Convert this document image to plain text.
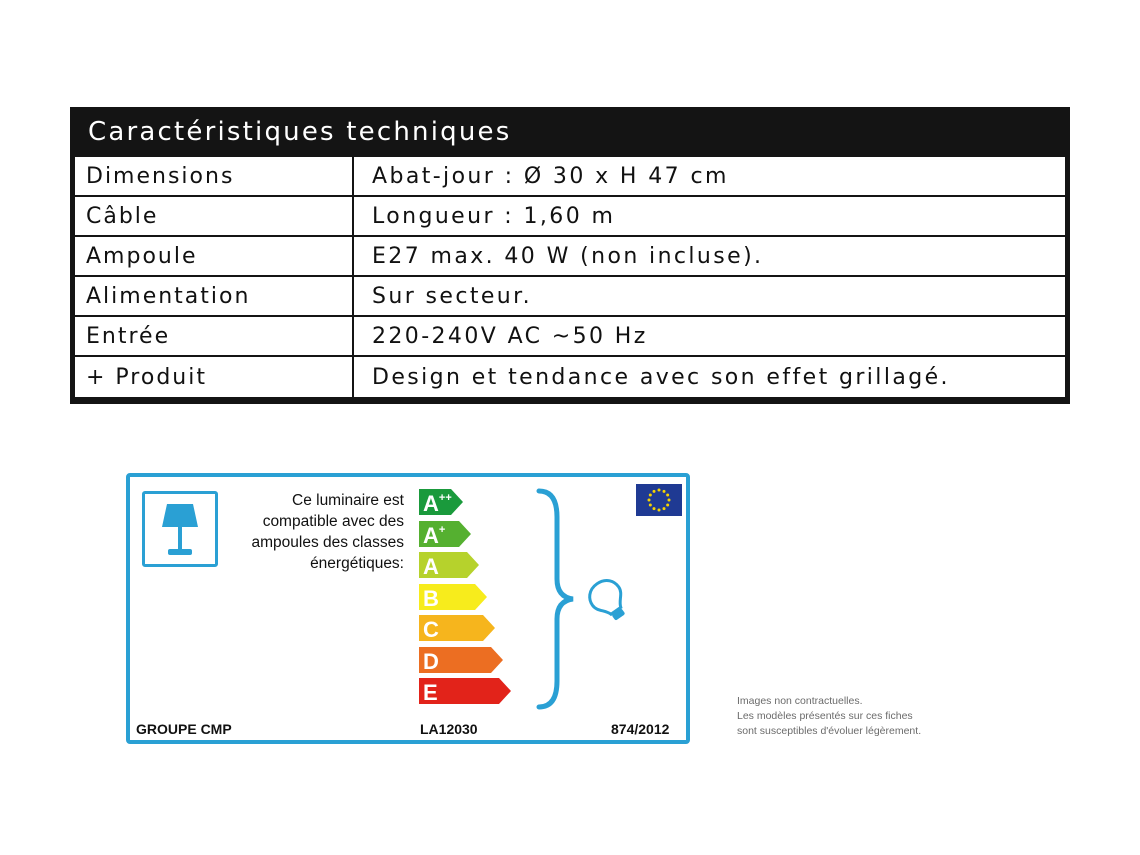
Caractéristiques techniques
Dimensions	Abat-jour : Ø 30 x H 47 cm
Câble	Longueur : 1,60 m
Ampoule	E27 max. 40 W (non incluse).
Alimentation	Sur secteur.
Entrée	220-240V AC ~50 Hz
+ Produit	Design et tendance avec son effet grillagé.
Ce luminaire est
compatible avec des
ampoules des classes
énergétiques:
A++
A+
A
B
C
D
E
GROUPE CMP	LA12030	874/2012
Images non contractuelles.
Les modèles présentés sur ces fiches
sont susceptibles d'évoluer légèrement.
